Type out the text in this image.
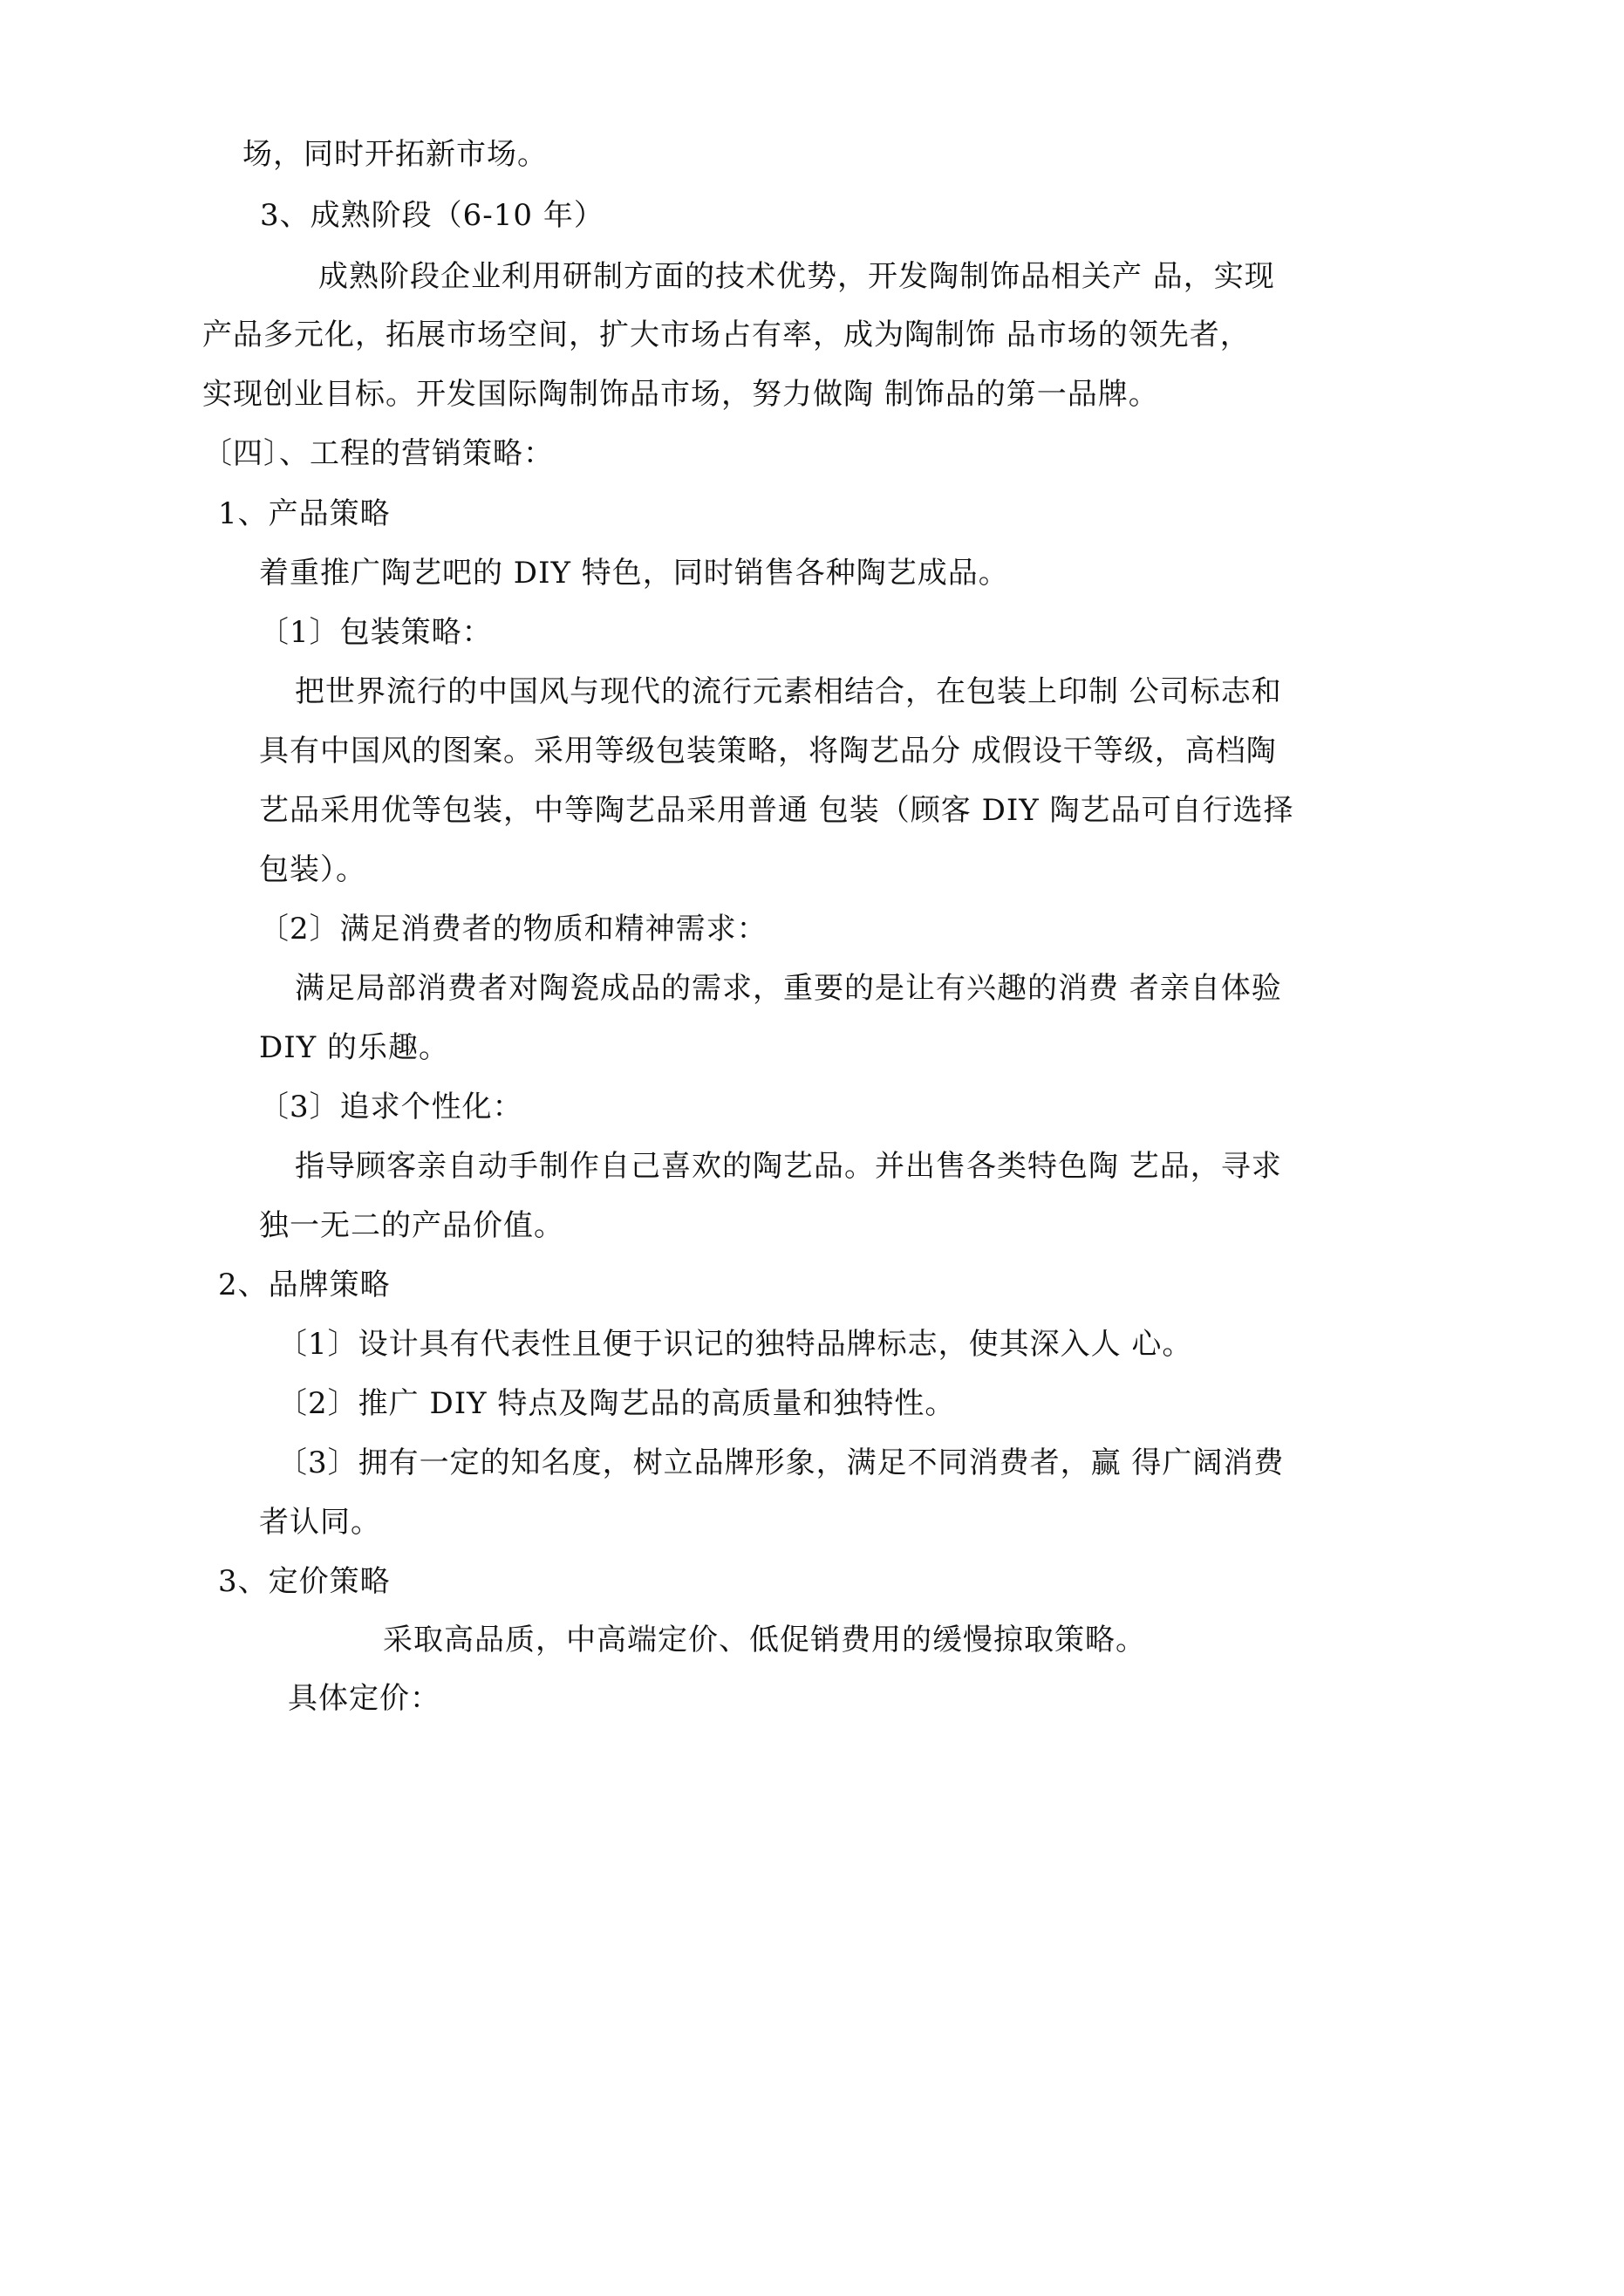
场，同时开拓新市场。
3、成熟阶段（6-10 年）
成熟阶段企业利用研制方面的技术优势，开发陶制饰品相关产 品，实现
产品多元化，拓展市场空间，扩大市场占有率，成为陶制饰 品市场的领先者，
实现创业目标。开发国际陶制饰品市场，努力做陶 制饰品的第一品牌。
〔四〕、工程的营销策略：
1、产品策略
着重推广陶艺吧的 DIY 特色，同时销售各种陶艺成品。
〔1〕包装策略：
把世界流行的中国风与现代的流行元素相结合，在包装上印制 公司标志和
具有中国风的图案。采用等级包装策略，将陶艺品分 成假设干等级，高档陶
艺品采用优等包装，中等陶艺品采用普通 包装（顾客 DIY 陶艺品可自行选择
包装）。
〔2〕满足消费者的物质和精神需求：
满足局部消费者对陶瓷成品的需求，重要的是让有兴趣的消费 者亲自体验
DIY 的乐趣。
〔3〕追求个性化：
指导顾客亲自动手制作自己喜欢的陶艺品。并出售各类特色陶 艺品，寻求
独一无二的产品价值。
2、品牌策略
〔1〕设计具有代表性且便于识记的独特品牌标志，使其深入人 心。
〔2〕推广 DIY 特点及陶艺品的高质量和独特性。
〔3〕拥有一定的知名度，树立品牌形象，满足不同消费者，赢 得广阔消费
者认同。
3、定价策略
采取高品质，中高端定价、低促销费用的缓慢掠取策略。
具体定价：
